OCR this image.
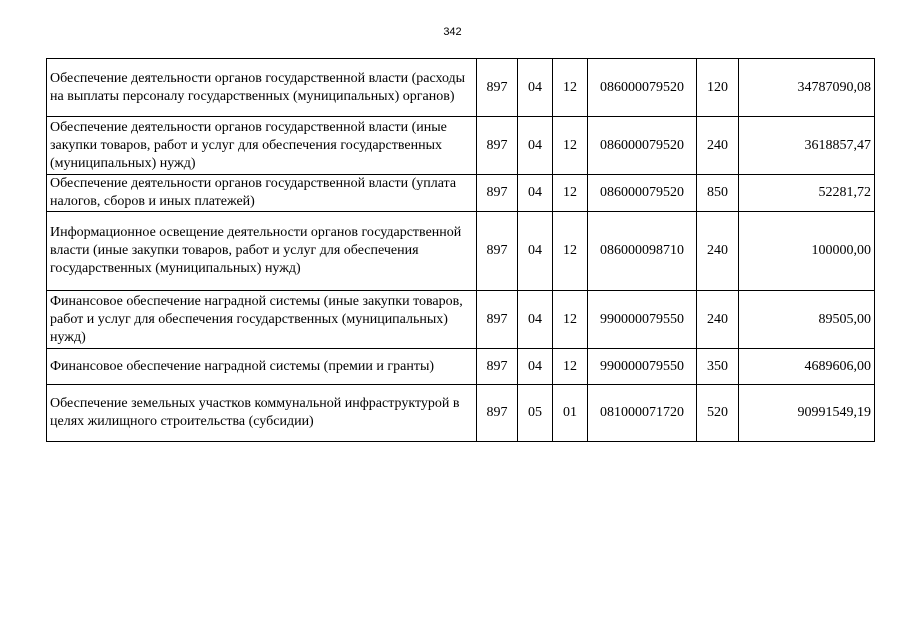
342
Обеспечение деятельности органов государственной власти (расходы на выплаты персоналу государственных (муниципальных) органов)	897	04	12	086000079520	120	34787090,08
Обеспечение деятельности органов государственной власти (иные закупки товаров, работ и услуг для обеспечения государственных (муниципальных) нужд)	897	04	12	086000079520	240	3618857,47
Обеспечение деятельности органов государственной власти (уплата налогов, сборов и иных платежей)	897	04	12	086000079520	850	52281,72
Информационное освещение деятельности органов государственной власти (иные закупки товаров, работ и услуг для обеспечения государственных (муниципальных) нужд)	897	04	12	086000098710	240	100000,00
Финансовое обеспечение наградной системы (иные закупки товаров, работ и услуг для обеспечения государственных (муниципальных) нужд)	897	04	12	990000079550	240	89505,00
Финансовое обеспечение наградной системы (премии и гранты)	897	04	12	990000079550	350	4689606,00
Обеспечение земельных участков коммунальной инфраструктурой в целях жилищного строительства (субсидии)	897	05	01	081000071720	520	90991549,19
